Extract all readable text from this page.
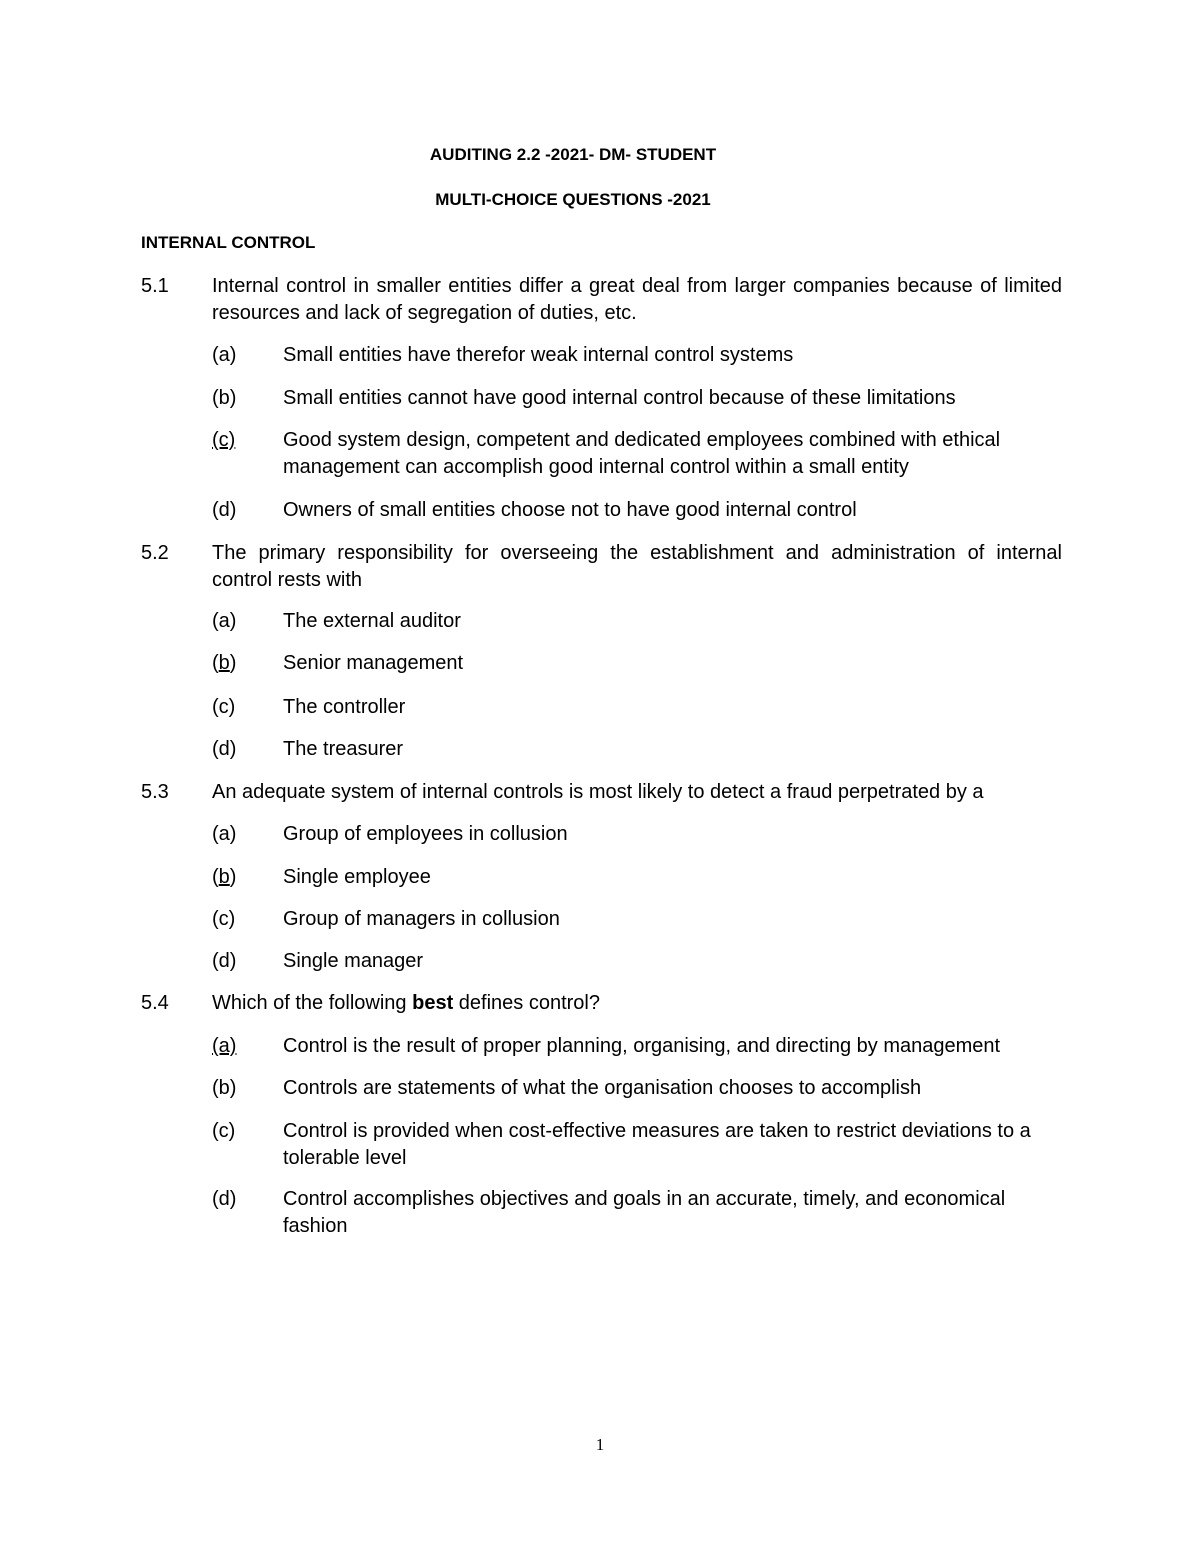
AUDITING 2.2 -2021- DM- STUDENT
MULTI-CHOICE QUESTIONS -2021
INTERNAL CONTROL
5.1 Internal control in smaller entities differ a great deal from larger companies because of limited resources and lack of segregation of duties, etc.
(a) Small entities have therefor weak internal control systems
(b) Small entities cannot have good internal control because of these limitations
(c) Good system design, competent and dedicated employees combined with ethical management can accomplish good internal control within a small entity
(d) Owners of small entities choose not to have good internal control
5.2 The primary responsibility for overseeing the establishment and administration of internal control rests with
(a) The external auditor
(b) Senior management
(c) The controller
(d) The treasurer
5.3 An adequate system of internal controls is most likely to detect a fraud perpetrated by a
(a) Group of employees in collusion
(b) Single employee
(c) Group of managers in collusion
(d) Single manager
5.4 Which of the following best defines control?
(a) Control is the result of proper planning, organising, and directing by management
(b) Controls are statements of what the organisation chooses to accomplish
(c) Control is provided when cost-effective measures are taken to restrict deviations to a tolerable level
(d) Control accomplishes objectives and goals in an accurate, timely, and economical fashion
1
